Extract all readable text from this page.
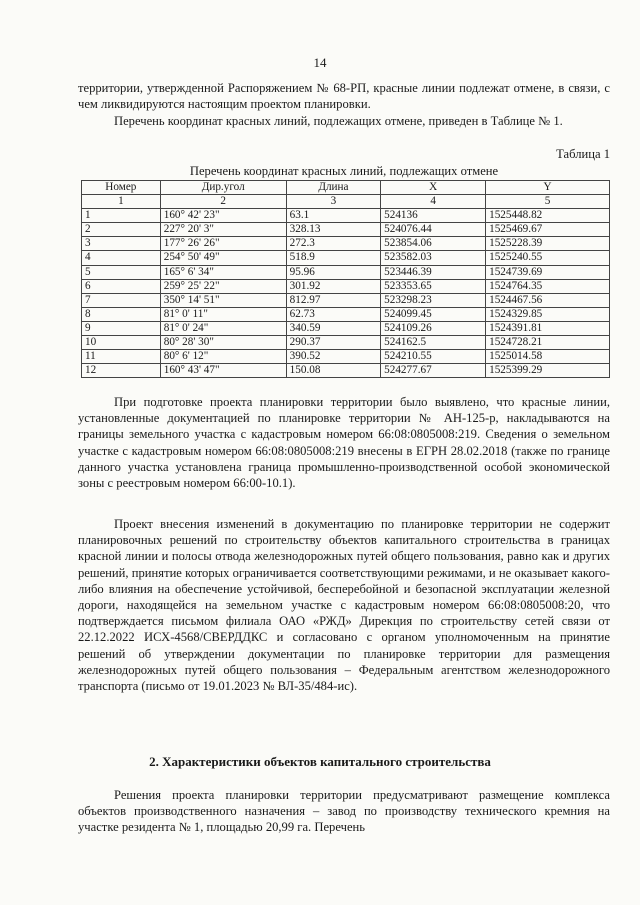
14

территории, утвержденной Распоряжением № 68-РП, красные линии подлежат отмене, в связи, с чем ликвидируются настоящим проектом планировки.

Перечень координат красных линий, подлежащих отмене, приведен в Таблице № 1.

Таблица 1
Перечень координат красных линий, подлежащих отмене
Номер	Дир.угол	Длина	X	Y
1	2	3	4	5
1	160° 42' 23"	63.1	524136	1525448.82
2	227° 20' 3"	328.13	524076.44	1525469.67
3	177° 26' 26"	272.3	523854.06	1525228.39
4	254° 50' 49"	518.9	523582.03	1525240.55
5	165° 6' 34"	95.96	523446.39	1524739.69
6	259° 25' 22"	301.92	523353.65	1524764.35
7	350° 14' 51"	812.97	523298.23	1524467.56
8	81° 0' 11"	62.73	524099.45	1524329.85
9	81° 0' 24"	340.59	524109.26	1524391.81
10	80° 28' 30"	290.37	524162.5	1524728.21
11	80° 6' 12"	390.52	524210.55	1525014.58
12	160° 43' 47"	150.08	524277.67	1525399.29

При подготовке проекта планировки территории было выявлено, что красные линии, установленные документацией по планировке территории № АН-125-р, накладываются на границы земельного участка с кадастровым номером 66:08:0805008:219. Сведения о земельном участке с кадастровым номером 66:08:0805008:219 внесены в ЕГРН 28.02.2018 (также по границе данного участка установлена граница промышленно-производственной особой экономической зоны с реестровым номером 66:00-10.1).

Проект внесения изменений в документацию по планировке территории не содержит планировочных решений по строительству объектов капитального строительства в границах красной линии и полосы отвода железнодорожных путей общего пользования, равно как и других решений, принятие которых ограничивается соответствующими режимами, и не оказывает какого-либо влияния на обеспечение устойчивой, бесперебойной и безопасной эксплуатации железной дороги, находящейся на земельном участке с кадастровым номером 66:08:0805008:20, что подтверждается письмом филиала ОАО «РЖД» Дирекция по строительству сетей связи от 22.12.2022 ИСХ-4568/СВЕРДДКС и согласовано с органом уполномоченным на принятие решений об утверждении документации по планировке территории для размещения железнодорожных путей общего пользования – Федеральным агентством железнодорожного транспорта (письмо от 19.01.2023 № ВЛ-35/484-ис).

2. Характеристики объектов капитального строительства

Решения проекта планировки территории предусматривают размещение комплекса объектов производственного назначения – завод по производству технического кремния на участке резидента № 1, площадью 20,99 га. Перечень
